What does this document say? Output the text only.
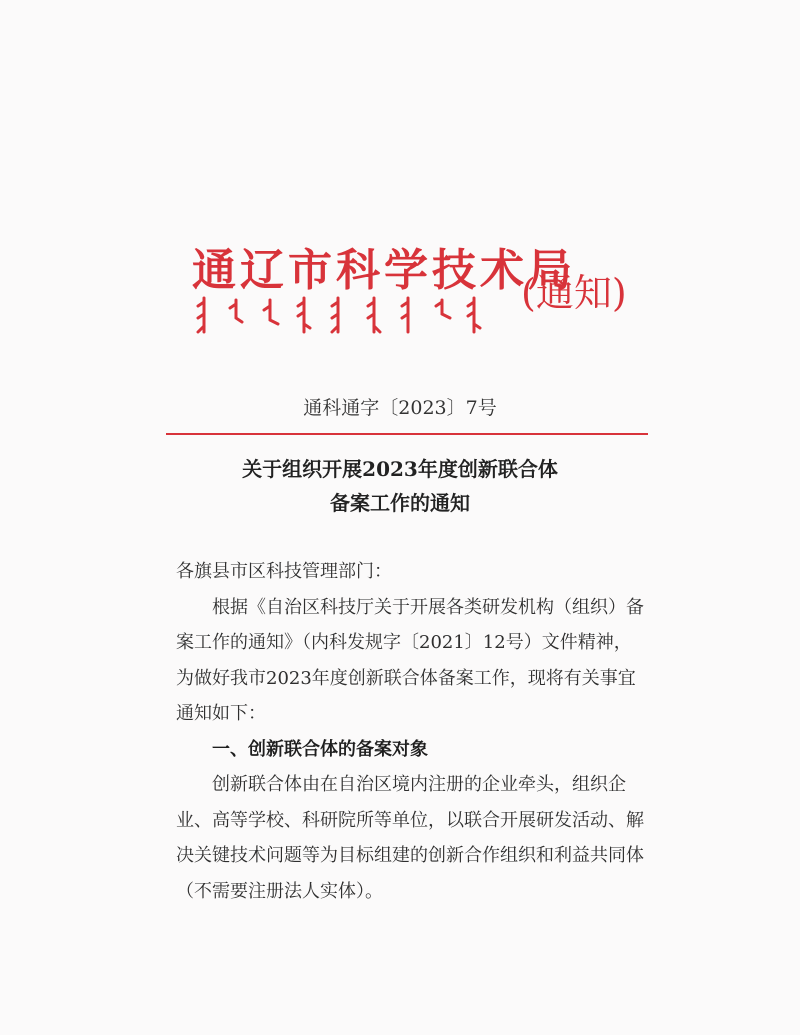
通辽市科学技术局
(通知)
通科通字〔2023〕7号
关于组织开展2023年度创新联合体
备案工作的通知

各旗县市区科技管理部门：

根据《自治区科技厅关于开展各类研发机构（组织）备案工作的通知》（内科发规字〔2021〕12号）文件精神，为做好我市2023年度创新联合体备案工作，现将有关事宜通知如下：

一、创新联合体的备案对象

创新联合体由在自治区境内注册的企业牵头，组织企业、高等学校、科研院所等单位，以联合开展研发活动、解决关键技术问题等为目标组建的创新合作组织和利益共同体（不需要注册法人实体）。
